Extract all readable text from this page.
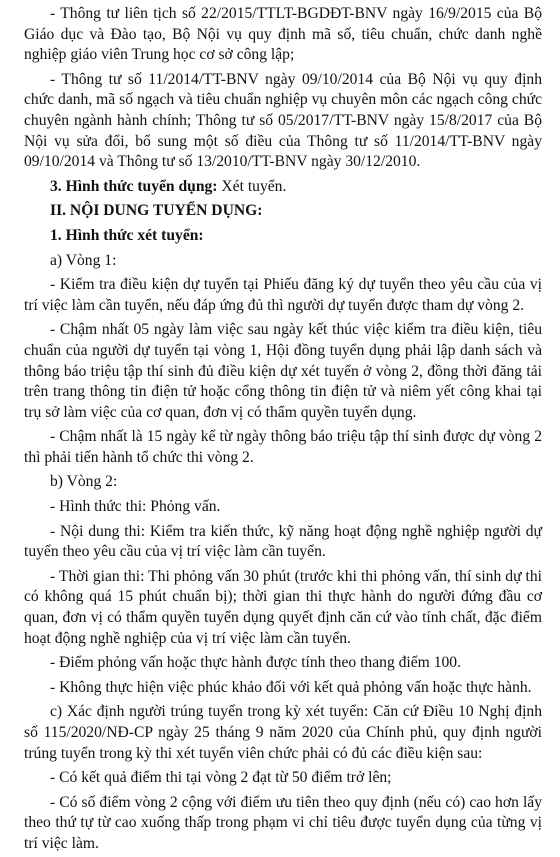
- Thông tư liên tịch số 22/2015/TTLT-BGDĐT-BNV ngày 16/9/2015 của Bộ Giáo dục và Đào tạo, Bộ Nội vụ quy định mã số, tiêu chuẩn, chức danh nghề nghiệp giáo viên Trung học cơ sở công lập;

- Thông tư số 11/2014/TT-BNV ngày 09/10/2014 của Bộ Nội vụ quy định chức danh, mã số ngạch và tiêu chuẩn nghiệp vụ chuyên môn các ngạch công chức chuyên ngành hành chính; Thông tư số 05/2017/TT-BNV ngày 15/8/2017 của Bộ Nội vụ sửa đổi, bổ sung một số điều của Thông tư số 11/2014/TT-BNV ngày 09/10/2014 và Thông tư số 13/2010/TT-BNV ngày 30/12/2010.

3. Hình thức tuyển dụng: Xét tuyển.

II. NỘI DUNG TUYỂN DỤNG:

1. Hình thức xét tuyển:

a) Vòng 1:

- Kiểm tra điều kiện dự tuyển tại Phiếu đăng ký dự tuyển theo yêu cầu của vị trí việc làm cần tuyển, nếu đáp ứng đủ thì người dự tuyển được tham dự vòng 2.

- Chậm nhất 05 ngày làm việc sau ngày kết thúc việc kiểm tra điều kiện, tiêu chuẩn của người dự tuyển tại vòng 1, Hội đồng tuyển dụng phải lập danh sách và thông báo triệu tập thí sinh đủ điều kiện dự xét tuyển ở vòng 2, đồng thời đăng tải trên trang thông tin điện tử hoặc cổng thông tin điện tử và niêm yết công khai tại trụ sở làm việc của cơ quan, đơn vị có thẩm quyền tuyển dụng.

- Chậm nhất là 15 ngày kể từ ngày thông báo triệu tập thí sinh được dự vòng 2 thì phải tiến hành tổ chức thi vòng 2.

b) Vòng 2:

- Hình thức thi: Phỏng vấn.

- Nội dung thi: Kiểm tra kiến thức, kỹ năng hoạt động nghề nghiệp người dự tuyển theo yêu cầu của vị trí việc làm cần tuyển.

- Thời gian thi: Thi phỏng vấn 30 phút (trước khi thi phỏng vấn, thí sinh dự thi có không quá 15 phút chuẩn bị); thời gian thi thực hành do người đứng đầu cơ quan, đơn vị có thẩm quyền tuyển dụng quyết định căn cứ vào tính chất, đặc điểm hoạt động nghề nghiệp của vị trí việc làm cần tuyển.

- Điểm phỏng vấn hoặc thực hành được tính theo thang điểm 100.

- Không thực hiện việc phúc khảo đối với kết quả phỏng vấn hoặc thực hành.

c) Xác định người trúng tuyển trong kỳ xét tuyển: Căn cứ Điều 10 Nghị định số 115/2020/NĐ-CP ngày 25 tháng 9 năm 2020 của Chính phủ, quy định người trúng tuyển trong kỳ thi xét tuyển viên chức phải có đủ các điều kiện sau:

- Có kết quả điểm thi tại vòng 2 đạt từ 50 điểm trở lên;

- Có số điểm vòng 2 cộng với điểm ưu tiên theo quy định (nếu có) cao hơn lấy theo thứ tự từ cao xuống thấp trong phạm vi chỉ tiêu được tuyển dụng của từng vị trí việc làm.
